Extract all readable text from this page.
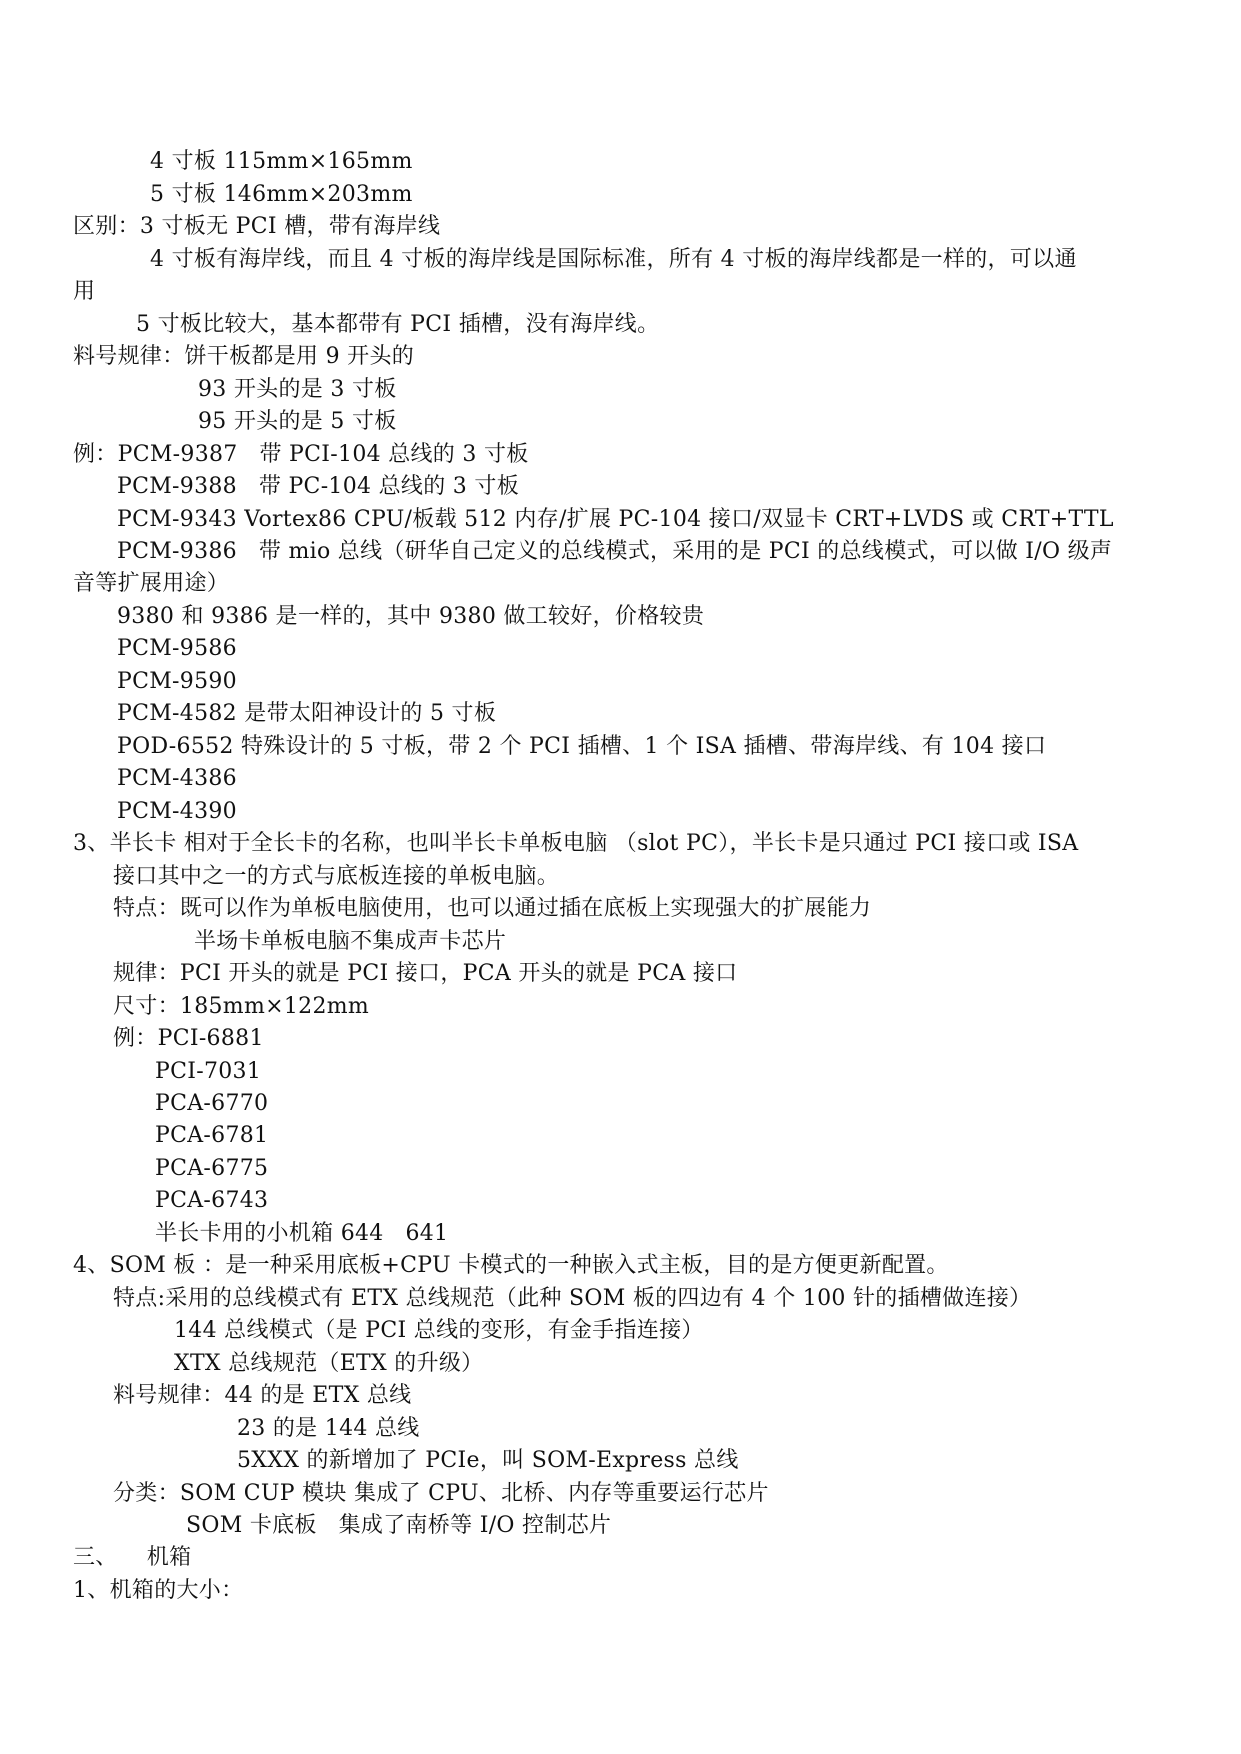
4 寸板 115mm×165mm
5 寸板 146mm×203mm
区别：3 寸板无 PCI 槽，带有海岸线
4 寸板有海岸线，而且 4 寸板的海岸线是国际标准，所有 4 寸板的海岸线都是一样的，可以通
用
5 寸板比较大，基本都带有 PCI 插槽，没有海岸线。
料号规律：饼干板都是用 9 开头的
93 开头的是 3 寸板
95 开头的是 5 寸板
例：PCM-9387   带 PCI-104 总线的 3 寸板
PCM-9388   带 PC-104 总线的 3 寸板
PCM-9343 Vortex86 CPU/板载 512 内存/扩展 PC-104 接口/双显卡 CRT+LVDS 或 CRT+TTL
PCM-9386   带 mio 总线（研华自己定义的总线模式，采用的是 PCI 的总线模式，可以做 I/O 级声
音等扩展用途）
9380 和 9386 是一样的，其中 9380 做工较好，价格较贵
PCM-9586
PCM-9590
PCM-4582 是带太阳神设计的 5 寸板
POD-6552 特殊设计的 5 寸板，带 2 个 PCI 插槽、1 个 ISA 插槽、带海岸线、有 104 接口
PCM-4386
PCM-4390
3、半长卡 相对于全长卡的名称，也叫半长卡单板电脑 （slot PC），半长卡是只通过 PCI 接口或 ISA
接口其中之一的方式与底板连接的单板电脑。
特点：既可以作为单板电脑使用，也可以通过插在底板上实现强大的扩展能力
半场卡单板电脑不集成声卡芯片
规律：PCI 开头的就是 PCI 接口，PCA 开头的就是 PCA 接口
尺寸：185mm×122mm
例：PCI-6881
PCI-7031
PCA-6770
PCA-6781
PCA-6775
PCA-6743
半长卡用的小机箱 644   641
4、SOM 板 ：是一种采用底板+CPU 卡模式的一种嵌入式主板，目的是方便更新配置。
特点:采用的总线模式有 ETX 总线规范（此种 SOM 板的四边有 4 个 100 针的插槽做连接）
144 总线模式（是 PCI 总线的变形，有金手指连接）
XTX 总线规范（ETX 的升级）
料号规律：44 的是 ETX 总线
23 的是 144 总线
5XXX 的新增加了 PCIe，叫 SOM-Express 总线
分类：SOM CUP 模块 集成了 CPU、北桥、内存等重要运行芯片
SOM 卡底板   集成了南桥等 I/O 控制芯片
三、    机箱
1、机箱的大小：
